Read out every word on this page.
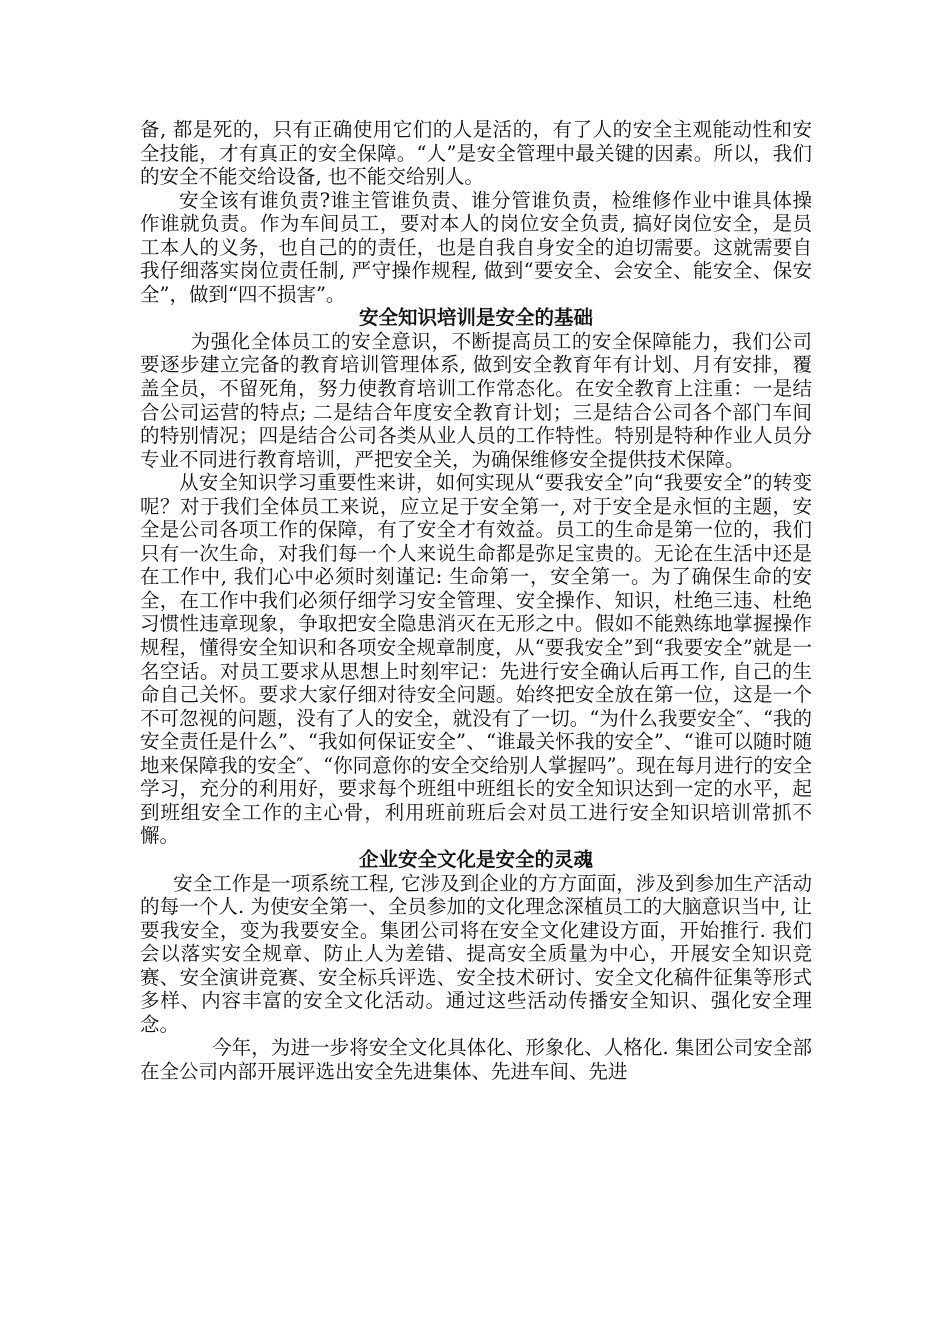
备, 都是死的，只有正确使用它们的人是活的，有了人的安全主观能动性和安全技能，才有真正的安全保障。“人”是安全管理中最关键的因素。所以，我们的安全不能交给设备, 也不能交给别人。

安全该有谁负责?谁主管谁负责、谁分管谁负责，检维修作业中谁具体操作谁就负责。作为车间员工，要对本人的岗位安全负责, 搞好岗位安全，是员工本人的义务，也自己的的责任，也是自我自身安全的迫切需要。这就需要自我仔细落实岗位责任制, 严守操作规程, 做到“要安全、会安全、能安全、保安全”，做到“四不损害”。

安全知识培训是安全的基础

为强化全体员工的安全意识，不断提高员工的安全保障能力，我们公司要逐步建立完备的教育培训管理体系, 做到安全教育年有计划、月有安排，覆盖全员，不留死角，努力使教育培训工作常态化。在安全教育上注重：一是结合公司运营的特点; 二是结合年度安全教育计划；三是结合公司各个部门车间的特别情况；四是结合公司各类从业人员的工作特性。特别是特种作业人员分专业不同进行教育培训，严把安全关，为确保维修安全提供技术保障。

从安全知识学习重要性来讲，如何实现从“要我安全”向“我要安全”的转变呢？对于我们全体员工来说，应立足于安全第一, 对于安全是永恒的主题，安全是公司各项工作的保障，有了安全才有效益。员工的生命是第一位的，我们只有一次生命，对我们每一个人来说生命都是弥足宝贵的。无论在生活中还是在工作中, 我们心中必须时刻谨记: 生命第一，安全第一。为了确保生命的安全，在工作中我们必须仔细学习安全管理、安全操作、知识，杜绝三违、杜绝习惯性违章现象，争取把安全隐患消灭在无形之中。假如不能熟练地掌握操作规程，懂得安全知识和各项安全规章制度，从“要我安全”到“我要安全”就是一名空话。对员工要求从思想上时刻牢记：先进行安全确认后再工作, 自己的生命自己关怀。要求大家仔细对待安全问题。始终把安全放在第一位，这是一个不可忽视的问题，没有了人的安全，就没有了一切。“为什么我要安全″、“我的安全责任是什么”、“我如何保证安全”、“谁最关怀我的安全”、“谁可以随时随地来保障我的安全″、“你同意你的安全交给别人掌握吗”。现在每月进行的安全学习，充分的利用好，要求每个班组中班组长的安全知识达到一定的水平，起到班组安全工作的主心骨，利用班前班后会对员工进行安全知识培训常抓不懈。

企业安全文化是安全的灵魂

安全工作是一项系统工程, 它涉及到企业的方方面面，涉及到参加生产活动的每一个人. 为使安全第一、全员参加的文化理念深植员工的大脑意识当中, 让要我安全，变为我要安全。集团公司将在安全文化建设方面，开始推行. 我们会以落实安全规章、防止人为差错、提高安全质量为中心，开展安全知识竞赛、安全演讲竞赛、安全标兵评选、安全技术研讨、安全文化稿件征集等形式多样、内容丰富的安全文化活动。通过这些活动传播安全知识、强化安全理念。

今年，为进一步将安全文化具体化、形象化、人格化. 集团公司安全部在全公司内部开展评选出安全先进集体、先进车间、先进
